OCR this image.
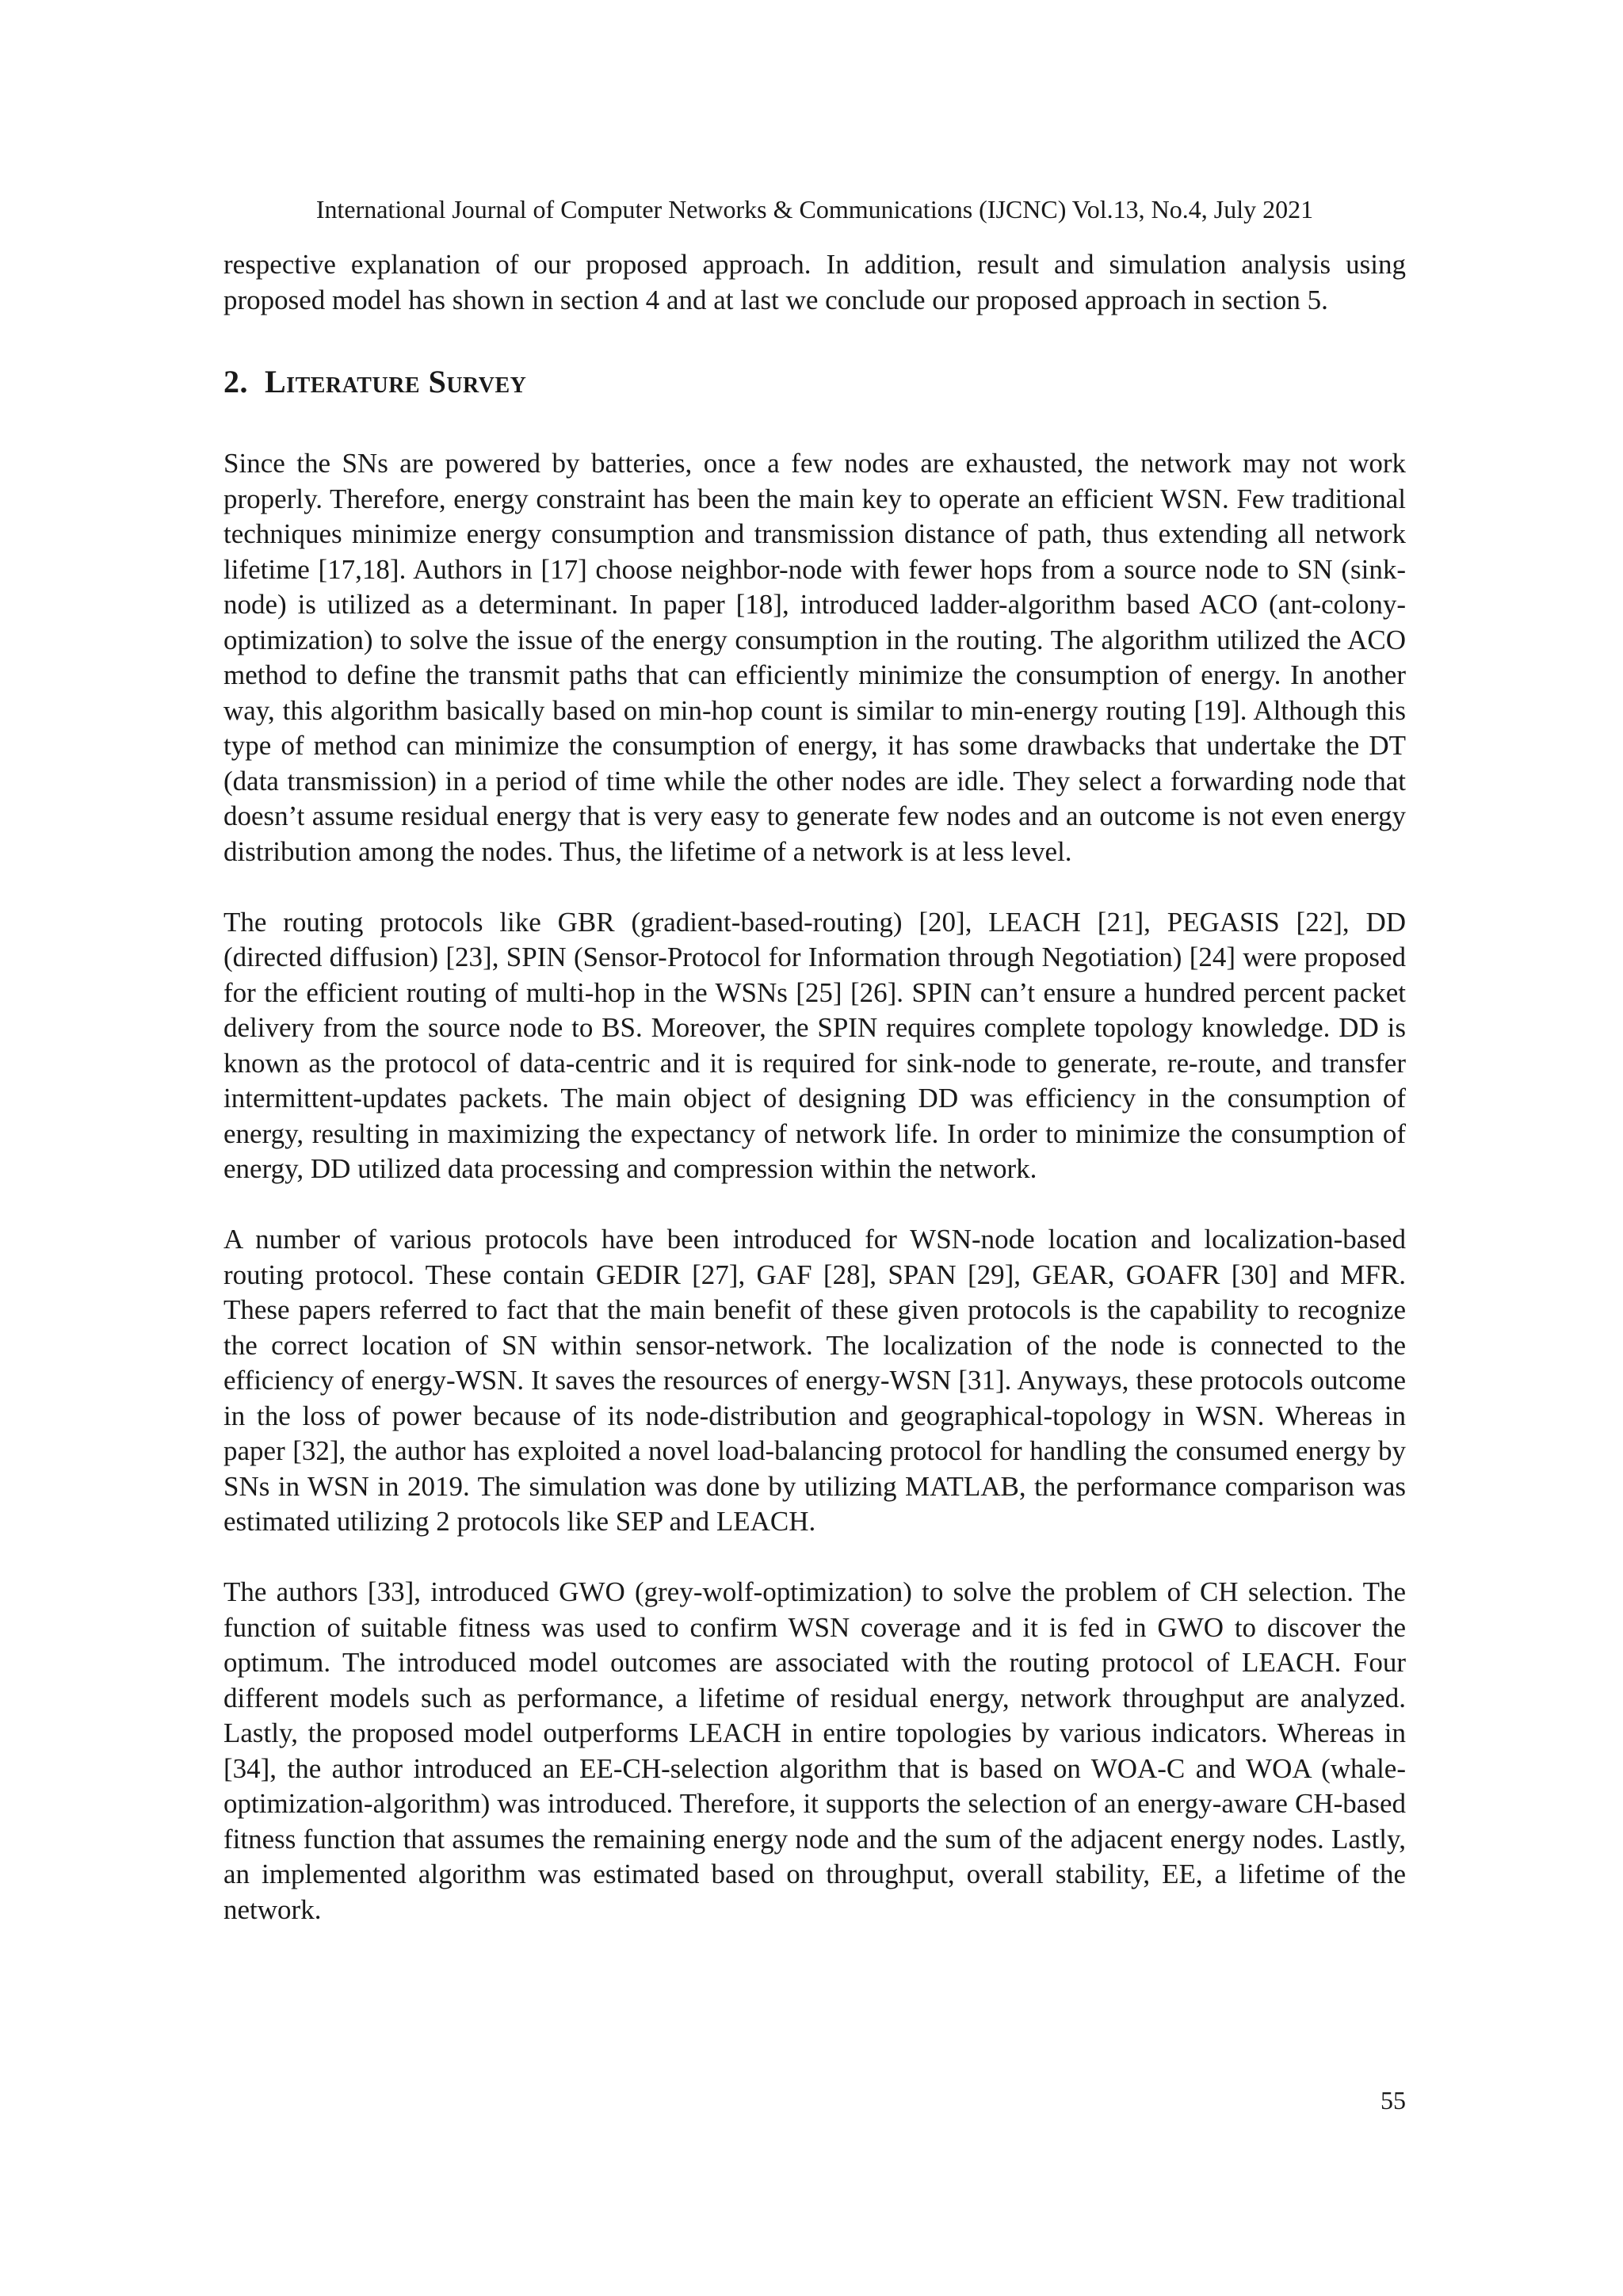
International Journal of Computer Networks & Communications (IJCNC) Vol.13, No.4, July 2021

respective explanation of our proposed approach. In addition, result and simulation analysis using proposed model has shown in section 4 and at last we conclude our proposed approach in section 5.

2. Literature Survey

Since the SNs are powered by batteries, once a few nodes are exhausted, the network may not work properly. Therefore, energy constraint has been the main key to operate an efficient WSN. Few traditional techniques minimize energy consumption and transmission distance of path, thus extending all network lifetime [17,18]. Authors in [17] choose neighbor-node with fewer hops from a source node to SN (sink-node) is utilized as a determinant. In paper [18], introduced ladder-algorithm based ACO (ant-colony-optimization) to solve the issue of the energy consumption in the routing. The algorithm utilized the ACO method to define the transmit paths that can efficiently minimize the consumption of energy. In another way, this algorithm basically based on min-hop count is similar to min-energy routing [19]. Although this type of method can minimize the consumption of energy, it has some drawbacks that undertake the DT (data transmission) in a period of time while the other nodes are idle. They select a forwarding node that doesn’t assume residual energy that is very easy to generate few nodes and an outcome is not even energy distribution among the nodes. Thus, the lifetime of a network is at less level.

The routing protocols like GBR (gradient-based-routing) [20], LEACH [21], PEGASIS [22], DD (directed diffusion) [23], SPIN (Sensor-Protocol for Information through Negotiation) [24] were proposed for the efficient routing of multi-hop in the WSNs [25] [26]. SPIN can’t ensure a hundred percent packet delivery from the source node to BS. Moreover, the SPIN requires complete topology knowledge. DD is known as the protocol of data-centric and it is required for sink-node to generate, re-route, and transfer intermittent-updates packets. The main object of designing DD was efficiency in the consumption of energy, resulting in maximizing the expectancy of network life. In order to minimize the consumption of energy, DD utilized data processing and compression within the network.

A number of various protocols have been introduced for WSN-node location and localization-based routing protocol. These contain GEDIR [27], GAF [28], SPAN [29], GEAR, GOAFR [30] and MFR. These papers referred to fact that the main benefit of these given protocols is the capability to recognize the correct location of SN within sensor-network. The localization of the node is connected to the efficiency of energy-WSN. It saves the resources of energy-WSN [31]. Anyways, these protocols outcome in the loss of power because of its node-distribution and geographical-topology in WSN. Whereas in paper [32], the author has exploited a novel load-balancing protocol for handling the consumed energy by SNs in WSN in 2019. The simulation was done by utilizing MATLAB, the performance comparison was estimated utilizing 2 protocols like SEP and LEACH.

The authors [33], introduced GWO (grey-wolf-optimization) to solve the problem of CH selection. The function of suitable fitness was used to confirm WSN coverage and it is fed in GWO to discover the optimum. The introduced model outcomes are associated with the routing protocol of LEACH. Four different models such as performance, a lifetime of residual energy, network throughput are analyzed. Lastly, the proposed model outperforms LEACH in entire topologies by various indicators. Whereas in [34], the author introduced an EE-CH-selection algorithm that is based on WOA-C and WOA (whale-optimization-algorithm) was introduced. Therefore, it supports the selection of an energy-aware CH-based fitness function that assumes the remaining energy node and the sum of the adjacent energy nodes. Lastly, an implemented algorithm was estimated based on throughput, overall stability, EE, a lifetime of the network.

55
